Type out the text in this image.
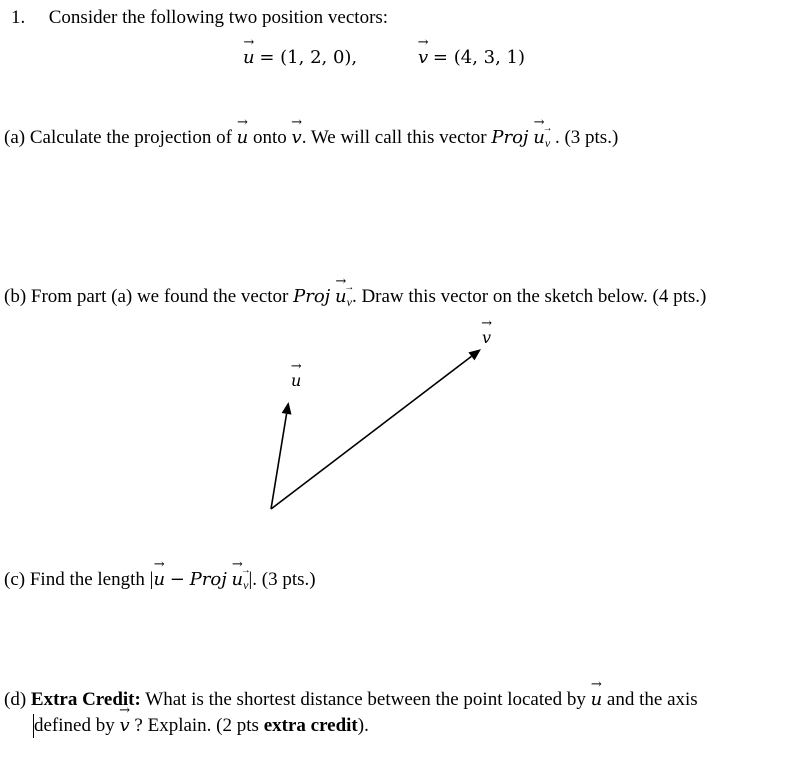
1. Consider the following two position vectors:
→ u = (1, 2, 0),	→ v = (4, 3, 1)
(a) Calculate the projection of → u onto → v. We will call this vector Proj → u→ v . (3 pts.)
(b) From part (a) we found the vector Proj → u→ v. Draw this vector on the sketch below. (4 pts.)
→ u
→ v
(c) Find the length |→ u − Proj → u→ v|. (3 pts.)
(d) Extra Credit: What is the shortest distance between the point located by → u and the axis
defined by → v ? Explain. (2 pts extra credit).
